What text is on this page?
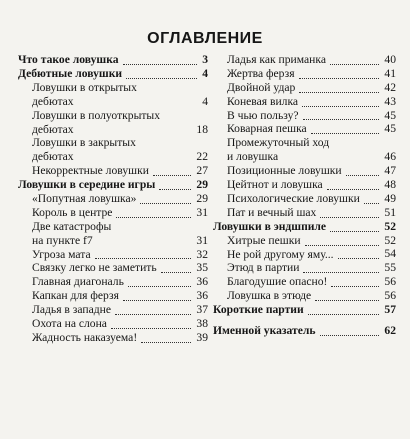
ОГЛАВЛЕНИЕ
Что такое ловушка	3
Дебютные ловушки	4
Ловушки в открытых
дебютах	4
Ловушки в полуоткрытых
дебютах	18
Ловушки в закрытых
дебютах	22
Некорректные ловушки	27
Ловушки в середине игры	29
«Попутная ловушка»	29
Король в центре	31
Две катастрофы
на пункте f7	31
Угроза мата	32
Связку легко не заметить	35
Главная диагональ	36
Капкан для ферзя	36
Ладья в западне	37
Охота на слона	38
Жадность наказуема!	39
Ладья как приманка	40
Жертва ферзя	41
Двойной удар	42
Коневая вилка	43
В чью пользу?	45
Коварная пешка	45
Промежуточный ход
и ловушка	46
Позиционные ловушки	47
Цейтнот и ловушка	48
Психологические ловушки 49
Пат и вечный шах	51
Ловушки в эндшпиле	52
Хитрые пешки	52
Не рой другому яму...	54
Этюд в партии	55
Благодушие опасно!	56
Ловушка в этюде	56
Короткие партии	57
Именной указатель	62
